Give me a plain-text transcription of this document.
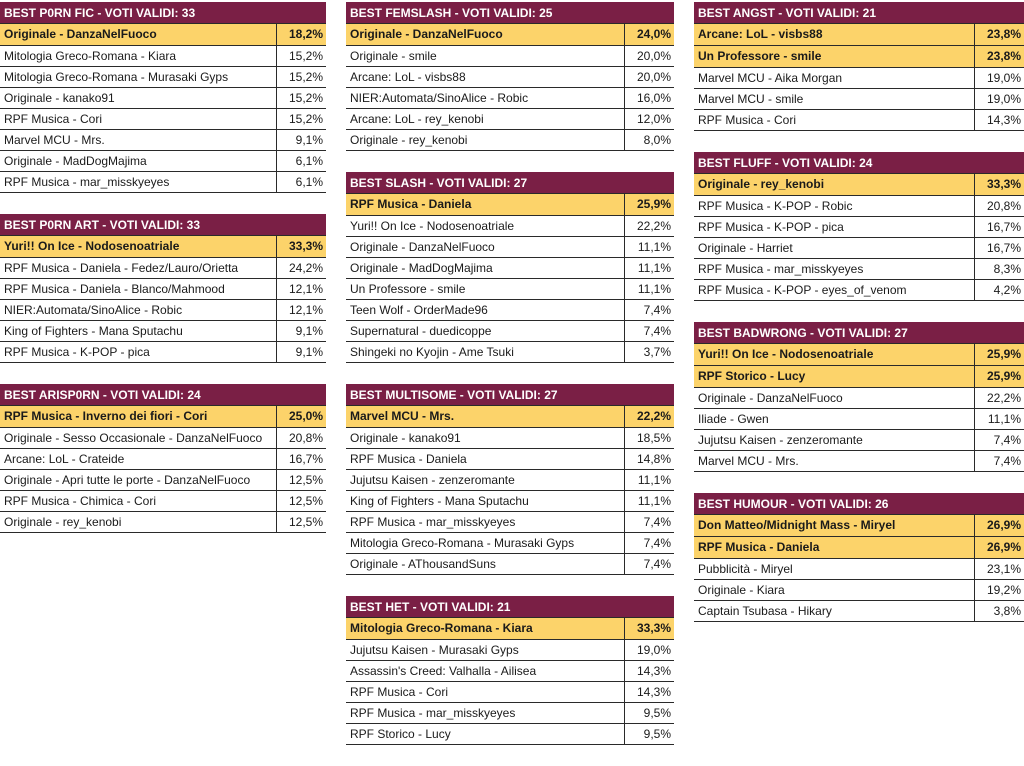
BEST P0RN FIC - VOTI VALIDI: 33
Originale - DanzaNelFuoco	18,2%
Mitologia Greco-Romana - Kiara	15,2%
Mitologia Greco-Romana - Murasaki Gyps	15,2%
Originale - kanako91	15,2%
RPF Musica - Cori	15,2%
Marvel MCU - Mrs.	9,1%
Originale - MadDogMajima	6,1%
RPF Musica - mar_misskyeyes	6,1%
BEST P0RN ART - VOTI VALIDI: 33
Yuri!! On Ice - Nodosenoatriale	33,3%
RPF Musica - Daniela - Fedez/Lauro/Orietta	24,2%
RPF Musica - Daniela - Blanco/Mahmood	12,1%
NIER:Automata/SinoAlice - Robic	12,1%
King of Fighters - Mana Sputachu	9,1%
RPF Musica - K-POP - pica	9,1%
BEST ARISP0RN - VOTI VALIDI: 24
RPF Musica - Inverno dei fiori - Cori	25,0%
Originale - Sesso Occasionale - DanzaNelFuoco	20,8%
Arcane: LoL - Crateide	16,7%
Originale - Apri tutte le porte - DanzaNelFuoco	12,5%
RPF Musica - Chimica - Cori	12,5%
Originale - rey_kenobi	12,5%
BEST FEMSLASH - VOTI VALIDI: 25
Originale - DanzaNelFuoco	24,0%
Originale - smile	20,0%
Arcane: LoL - visbs88	20,0%
NIER:Automata/SinoAlice - Robic	16,0%
Arcane: LoL - rey_kenobi	12,0%
Originale - rey_kenobi	8,0%
BEST SLASH - VOTI VALIDI: 27
RPF Musica - Daniela	25,9%
Yuri!! On Ice - Nodosenoatriale	22,2%
Originale - DanzaNelFuoco	11,1%
Originale - MadDogMajima	11,1%
Un Professore - smile	11,1%
Teen Wolf - OrderMade96	7,4%
Supernatural - duedicoppe	7,4%
Shingeki no Kyojin - Ame Tsuki	3,7%
BEST MULTISOME - VOTI VALIDI: 27
Marvel MCU - Mrs.	22,2%
Originale - kanako91	18,5%
RPF Musica - Daniela	14,8%
Jujutsu Kaisen - zenzeromante	11,1%
King of Fighters - Mana Sputachu	11,1%
RPF Musica - mar_misskyeyes	7,4%
Mitologia Greco-Romana - Murasaki Gyps	7,4%
Originale - AThousandSuns	7,4%
BEST HET - VOTI VALIDI: 21
Mitologia Greco-Romana - Kiara	33,3%
Jujutsu Kaisen - Murasaki Gyps	19,0%
Assassin's Creed: Valhalla - Ailisea	14,3%
RPF Musica - Cori	14,3%
RPF Musica - mar_misskyeyes	9,5%
RPF Storico - Lucy	9,5%
BEST ANGST - VOTI VALIDI: 21
Arcane: LoL - visbs88	23,8%
Un Professore - smile	23,8%
Marvel MCU - Aika Morgan	19,0%
Marvel MCU - smile	19,0%
RPF Musica - Cori	14,3%
BEST FLUFF - VOTI VALIDI: 24
Originale - rey_kenobi	33,3%
RPF Musica - K-POP - Robic	20,8%
RPF Musica - K-POP - pica	16,7%
Originale - Harriet	16,7%
RPF Musica - mar_misskyeyes	8,3%
RPF Musica - K-POP - eyes_of_venom	4,2%
BEST BADWRONG - VOTI VALIDI: 27
Yuri!! On Ice - Nodosenoatriale	25,9%
RPF Storico - Lucy	25,9%
Originale - DanzaNelFuoco	22,2%
Iliade - Gwen	11,1%
Jujutsu Kaisen - zenzeromante	7,4%
Marvel MCU - Mrs.	7,4%
BEST HUMOUR - VOTI VALIDI: 26
Don Matteo/Midnight Mass - Miryel	26,9%
RPF Musica - Daniela	26,9%
Pubblicità - Miryel	23,1%
Originale - Kiara	19,2%
Captain Tsubasa - Hikary	3,8%
